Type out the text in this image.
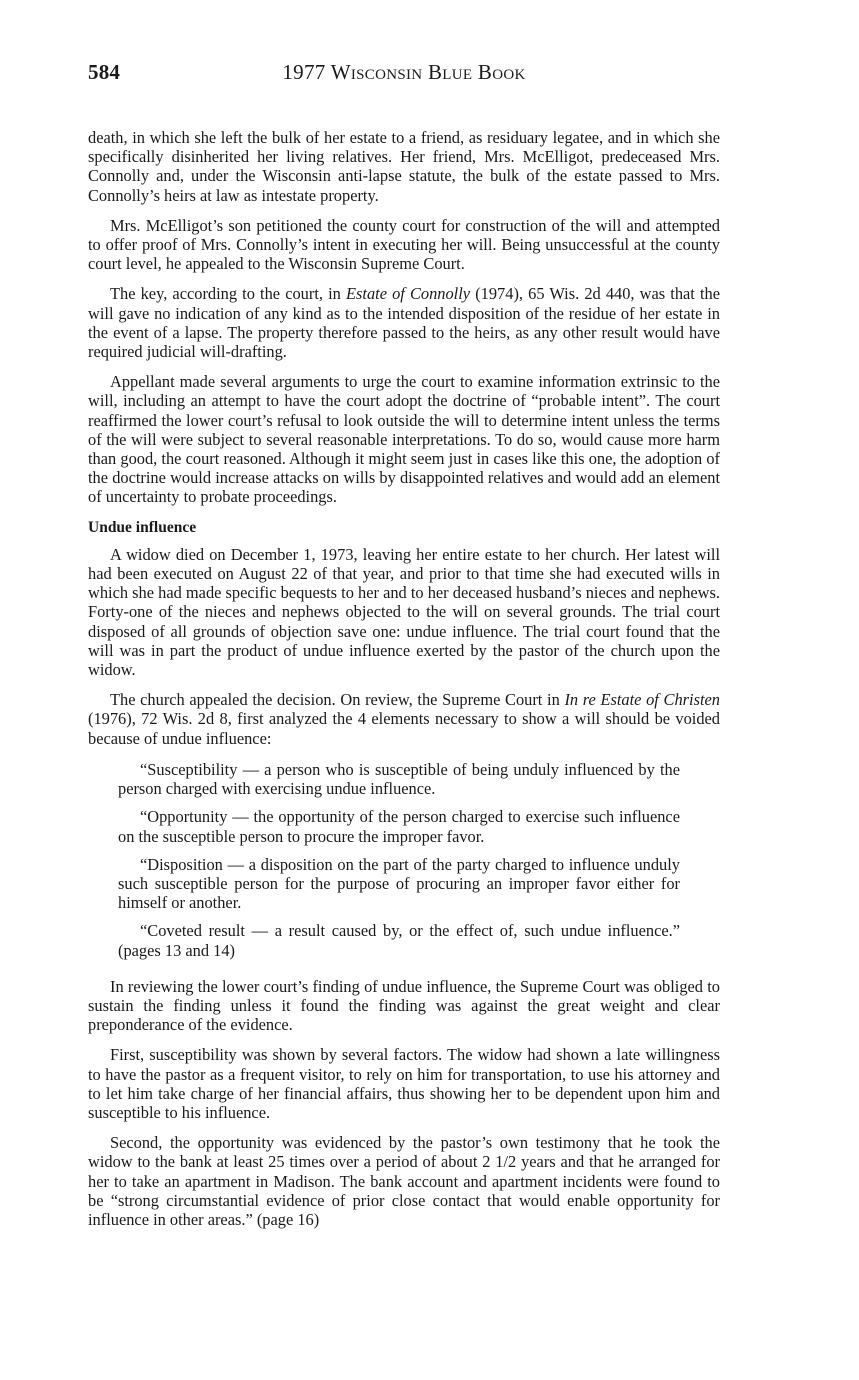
584	1977 Wisconsin Blue Book

death, in which she left the bulk of her estate to a friend, as residuary legatee, and in which she specifically disinherited her living relatives. Her friend, Mrs. McElligot, predeceased Mrs. Connolly and, under the Wisconsin anti-lapse statute, the bulk of the estate passed to Mrs. Connolly’s heirs at law as intestate property.

Mrs. McElligot’s son petitioned the county court for construction of the will and attempted to offer proof of Mrs. Connolly’s intent in executing her will. Being unsuccessful at the county court level, he appealed to the Wisconsin Supreme Court.

The key, according to the court, in Estate of Connolly (1974), 65 Wis. 2d 440, was that the will gave no indication of any kind as to the intended disposition of the residue of her estate in the event of a lapse. The property therefore passed to the heirs, as any other result would have required judicial will-drafting.

Appellant made several arguments to urge the court to examine information extrinsic to the will, including an attempt to have the court adopt the doctrine of “probable intent”. The court reaffirmed the lower court’s refusal to look outside the will to determine intent unless the terms of the will were subject to several reasonable interpretations. To do so, would cause more harm than good, the court reasoned. Although it might seem just in cases like this one, the adoption of the doctrine would increase attacks on wills by disappointed relatives and would add an element of uncertainty to probate proceedings.

Undue influence

A widow died on December 1, 1973, leaving her entire estate to her church. Her latest will had been executed on August 22 of that year, and prior to that time she had executed wills in which she had made specific bequests to her and to her deceased husband’s nieces and nephews. Forty-one of the nieces and nephews objected to the will on several grounds. The trial court disposed of all grounds of objection save one: undue influence. The trial court found that the will was in part the product of undue influence exerted by the pastor of the church upon the widow.

The church appealed the decision. On review, the Supreme Court in In re Estate of Christen (1976), 72 Wis. 2d 8, first analyzed the 4 elements necessary to show a will should be voided because of undue influence:

“Susceptibility — a person who is susceptible of being unduly influenced by the person charged with exercising undue influence.

“Opportunity — the opportunity of the person charged to exercise such influence on the susceptible person to procure the improper favor.

“Disposition — a disposition on the part of the party charged to influence unduly such susceptible person for the purpose of procuring an improper favor either for himself or another.

“Coveted result — a result caused by, or the effect of, such undue influence.” (pages 13 and 14)

In reviewing the lower court’s finding of undue influence, the Supreme Court was obliged to sustain the finding unless it found the finding was against the great weight and clear preponderance of the evidence.

First, susceptibility was shown by several factors. The widow had shown a late willingness to have the pastor as a frequent visitor, to rely on him for transportation, to use his attorney and to let him take charge of her financial affairs, thus showing her to be dependent upon him and susceptible to his influence.

Second, the opportunity was evidenced by the pastor’s own testimony that he took the widow to the bank at least 25 times over a period of about 2 1/2 years and that he arranged for her to take an apartment in Madison. The bank account and apartment incidents were found to be “strong circumstantial evidence of prior close contact that would enable opportunity for influence in other areas.” (page 16)
